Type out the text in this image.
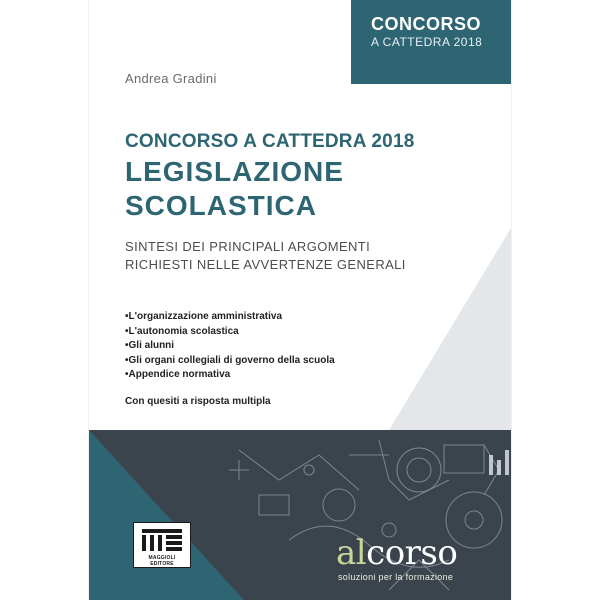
CONCORSO
A CATTEDRA 2018
Andrea Gradini
CONCORSO A CATTEDRA 2018
LEGISLAZIONE
SCOLASTICA
SINTESI DEI PRINCIPALI ARGOMENTI
RICHIESTI NELLE AVVERTENZE GENERALI
• L'organizzazione amministrativa
• L'autonomia scolastica
• Gli alunni
• Gli organi collegiali di governo della scuola
• Appendice normativa
Con quesiti a risposta multipla
MAGGIOLI
EDITORE	alcorso
soluzioni per la formazione
